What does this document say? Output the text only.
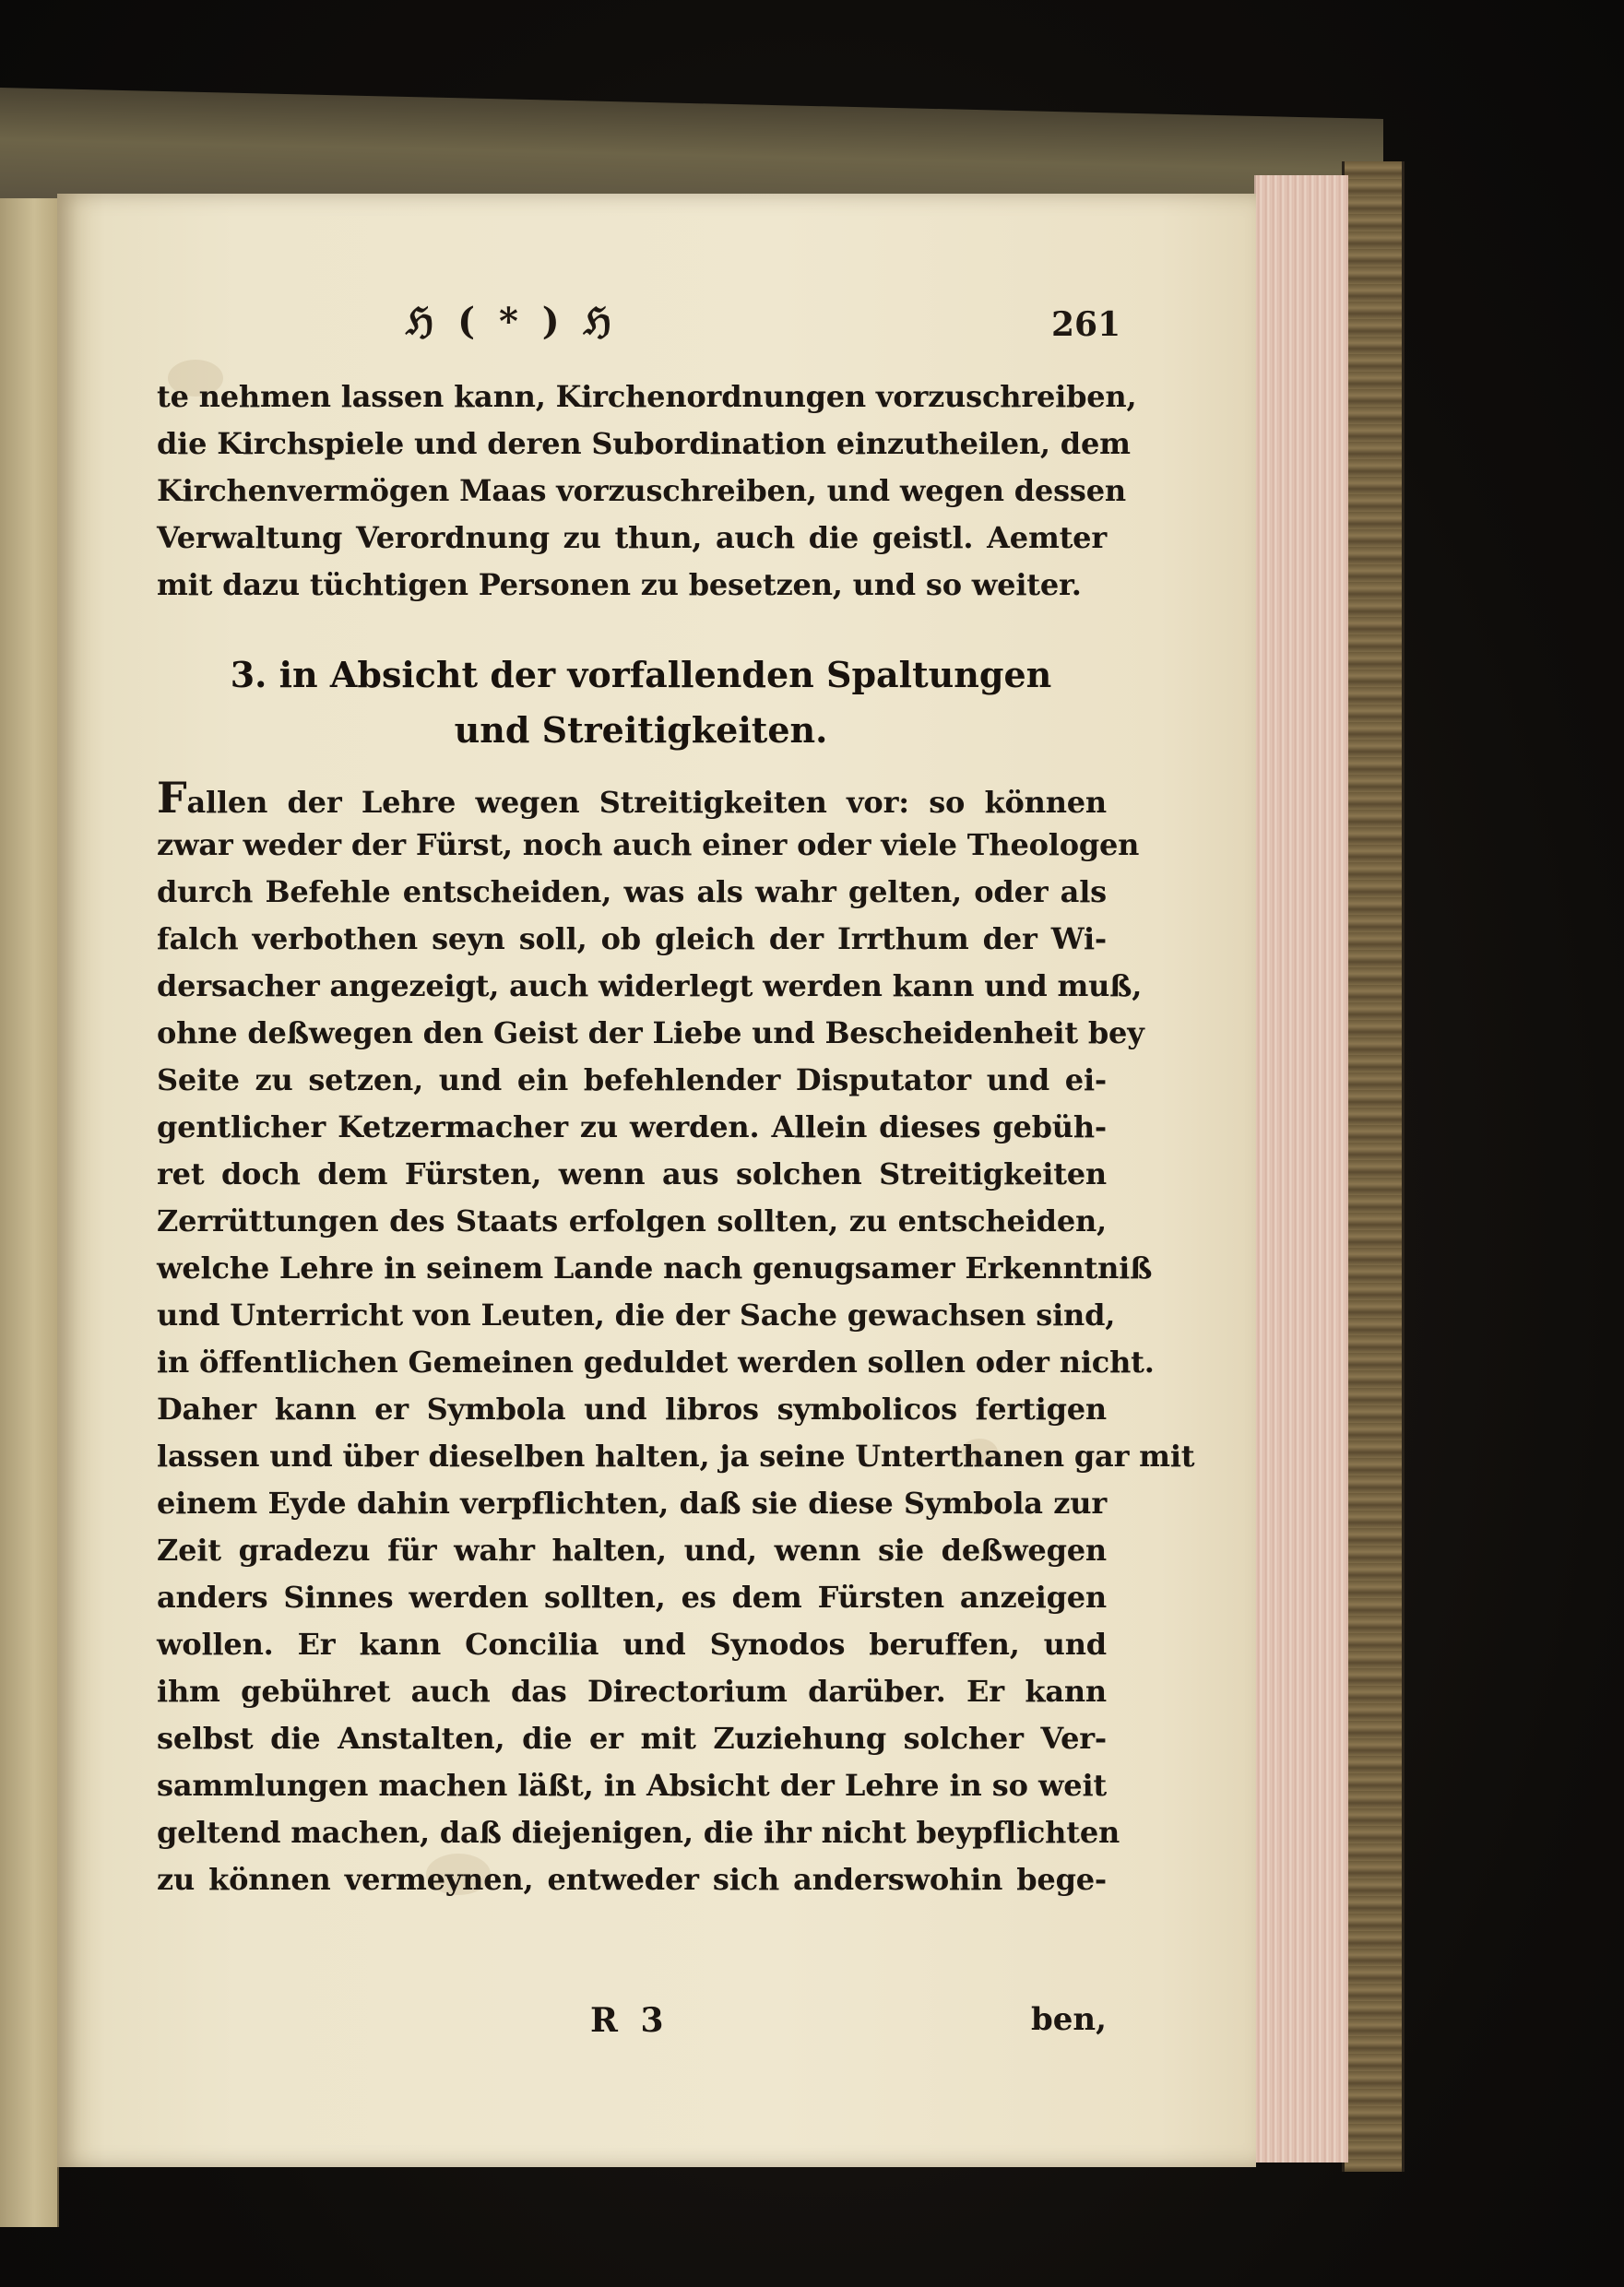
ℌ ( * ) ℌ	261
te nehmen lassen kann, Kirchenordnungen vorzuschreiben,
die Kirchspiele und deren Subordination einzutheilen, dem
Kirchenvermögen Maas vorzuschreiben, und wegen dessen
Verwaltung Verordnung zu thun, auch die geistl. Aemter
mit dazu tüchtigen Personen zu besetzen, und so weiter.
3. in Absicht der vorfallenden Spaltungen
und Streitigkeiten.
Fallen der Lehre wegen Streitigkeiten vor: so können
zwar weder der Fürst, noch auch einer oder viele Theologen
durch Befehle entscheiden, was als wahr gelten, oder als
falch verbothen seyn soll, ob gleich der Irrthum der Wi-
dersacher angezeigt, auch widerlegt werden kann und muß,
ohne deßwegen den Geist der Liebe und Bescheidenheit bey
Seite zu setzen, und ein befehlender Disputator und ei-
gentlicher Ketzermacher zu werden. Allein dieses gebüh-
ret doch dem Fürsten, wenn aus solchen Streitigkeiten
Zerrüttungen des Staats erfolgen sollten, zu entscheiden,
welche Lehre in seinem Lande nach genugsamer Erkenntniß
und Unterricht von Leuten, die der Sache gewachsen sind,
in öffentlichen Gemeinen geduldet werden sollen oder nicht.
Daher kann er Symbola und libros symbolicos fertigen
lassen und über dieselben halten, ja seine Unterthanen gar mit
einem Eyde dahin verpflichten, daß sie diese Symbola zur
Zeit gradezu für wahr halten, und, wenn sie deßwegen
anders Sinnes werden sollten, es dem Fürsten anzeigen
wollen. Er kann Concilia und Synodos beruffen, und
ihm gebühret auch das Directorium darüber. Er kann
selbst die Anstalten, die er mit Zuziehung solcher Ver-
sammlungen machen läßt, in Absicht der Lehre in so weit
geltend machen, daß diejenigen, die ihr nicht beypflichten
zu können vermeynen, entweder sich anderswohin bege-
R 3	ben,
